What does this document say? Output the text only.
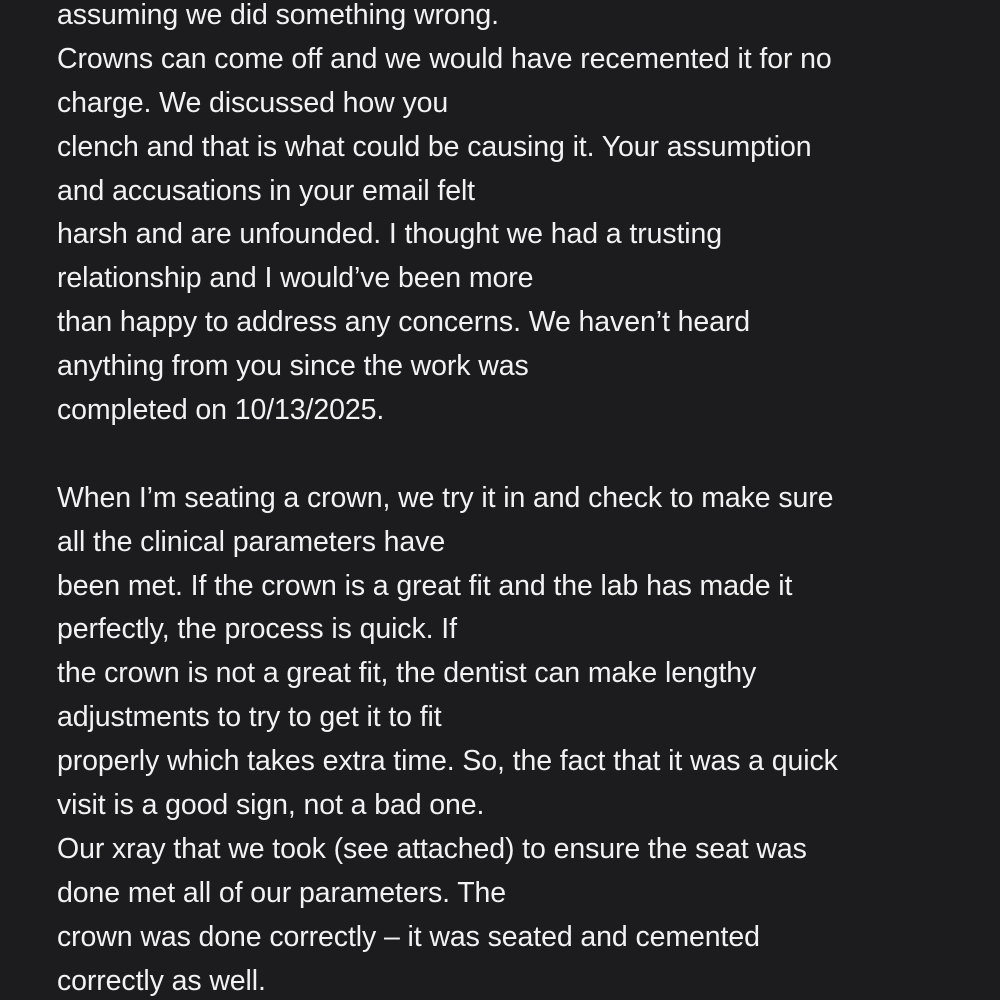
assuming we did something wrong.
Crowns can come off and we would have recemented it for no
charge. We discussed how you
clench and that is what could be causing it. Your assumption
and accusations in your email felt
harsh and are unfounded. I thought we had a trusting
relationship and I would’ve been more
than happy to address any concerns. We haven’t heard
anything from you since the work was
completed on 10/13/2025.
When I’m seating a crown, we try it in and check to make sure
all the clinical parameters have
been met. If the crown is a great fit and the lab has made it
perfectly, the process is quick. If
the crown is not a great fit, the dentist can make lengthy
adjustments to try to get it to fit
properly which takes extra time. So, the fact that it was a quick
visit is a good sign, not a bad one.
Our xray that we took (see attached) to ensure the seat was
done met all of our parameters. The
crown was done correctly – it was seated and cemented
correctly as well.
